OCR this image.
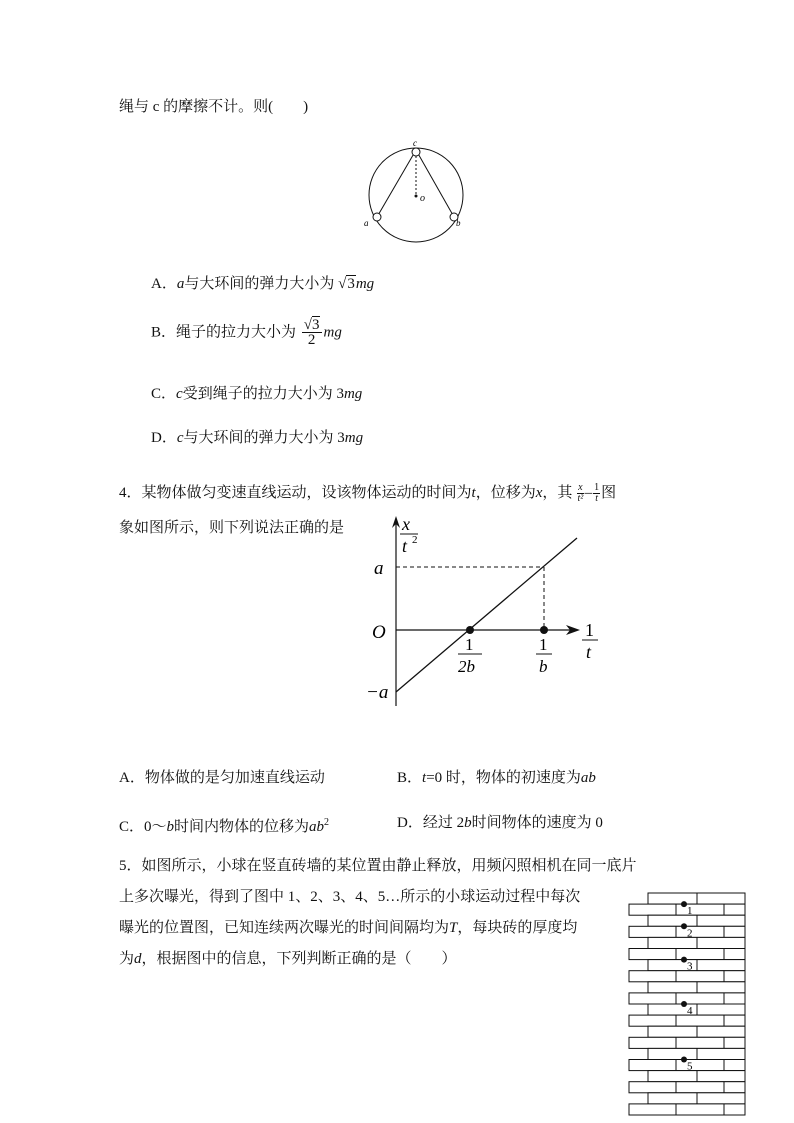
绳与 c 的摩擦不计。则(　　)
c
o
a	b
A．a与大环间的弹力大小为 √3mg
B．绳子的拉力大小为 $\frac{√3}{2}$ mg
C．c受到绳子的拉力大小为 3mg
D．c与大环间的弹力大小为 3mg
4．某物体做匀变速直线运动，设该物体运动的时间为t，位移为x，其 $\frac{x}{\text{t²}} - \frac{1}{t}$ 图
象如图所示，则下列说法正确的是	x
t 2
a
O
−a
1
2b
1
b
1
t
A．物体做的是匀加速直线运动	B．t=0 时，物体的初速度为ab
C．0～b时间内物体的位移为$ab^2$	D．经过 2b时间物体的速度为 0
5．如图所示，小球在竖直砖墙的某位置由静止释放，用频闪照相机在同一底片
上多次曝光，得到了图中 1、2、3、4、5…所示的小球运动过程中每次
曝光的位置图，已知连续两次曝光的时间间隔均为T，每块砖的厚度均
为d，根据图中的信息，下列判断正确的是（　　）
1
2
3
4
5
